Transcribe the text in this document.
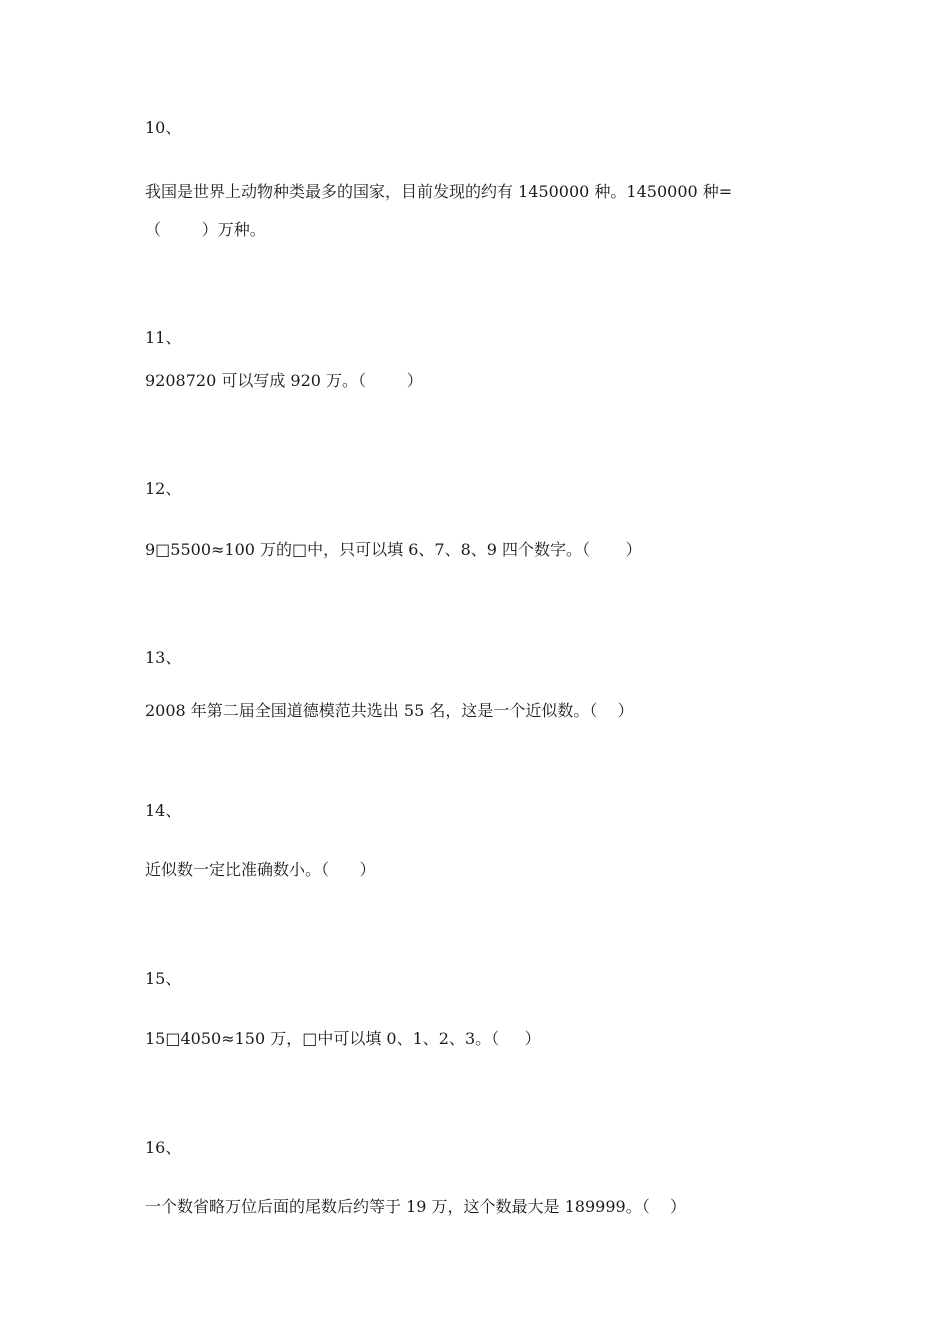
10、
我国是世界上动物种类最多的国家，目前发现的约有 1450000 种。1450000 种=
（        ）万种。
11、
9208720 可以写成 920 万。（        ）
12、
9□5500≈100 万的□中，只可以填 6、7、8、9 四个数字。（       ）
13、
2008 年第二届全国道德模范共选出 55 名，这是一个近似数。（    ）
14、
近似数一定比准确数小。（      ）
15、
15□4050≈150 万，□中可以填 0、1、2、3。（     ）
16、
一个数省略万位后面的尾数后约等于 19 万，这个数最大是 189999。（    ）
